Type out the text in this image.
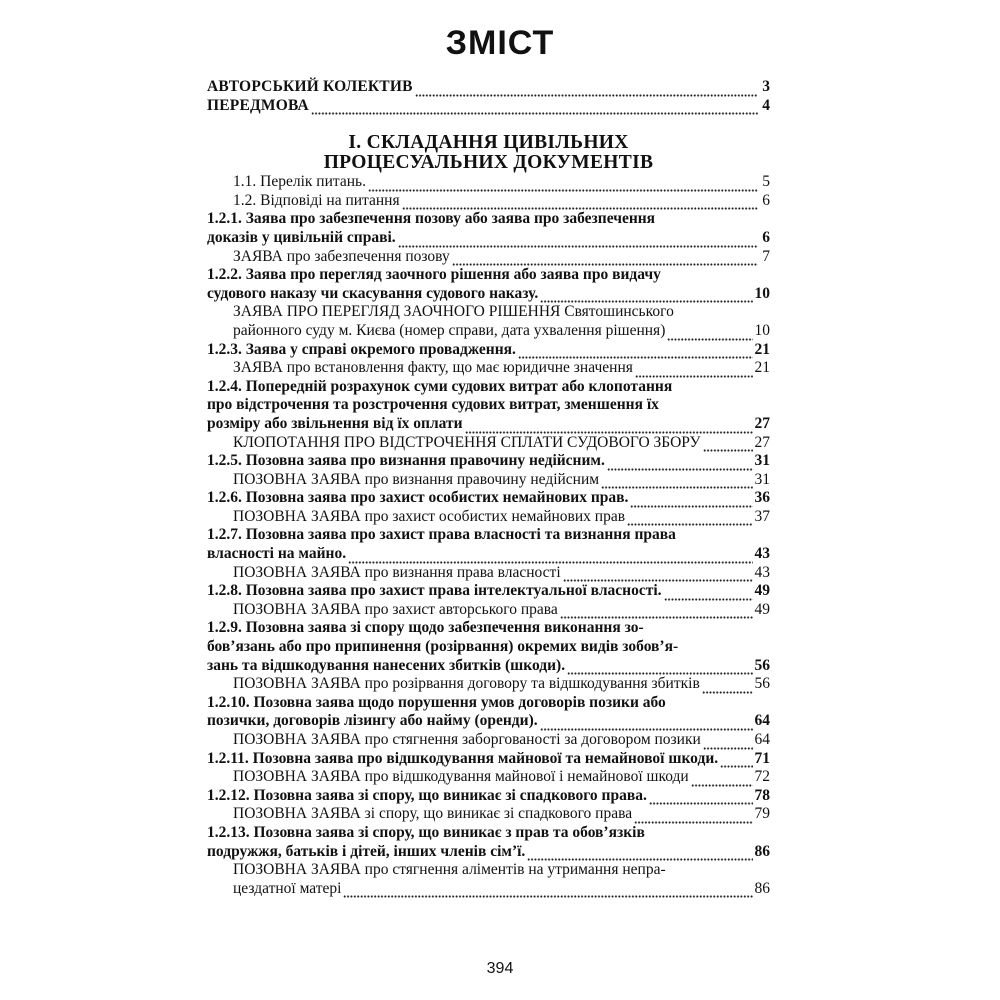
ЗМІСТ
АВТОРСЬКИЙ КОЛЕКТИВ	3
ПЕРЕДМОВА	4
І. СКЛАДАННЯ ЦИВІЛЬНИХ
ПРОЦЕСУАЛЬНИХ ДОКУМЕНТІВ
1.1. Перелік питань.	5
1.2. Відповіді на питання	6
1.2.1. Заява про забезпечення позову або заява про забезпечення
доказів у цивільній справі.	6
ЗАЯВА про забезпечення позову	7
1.2.2. Заява про перегляд заочного рішення або заява про видачу
судового наказу чи скасування судового наказу.	10
ЗАЯВА ПРО ПЕРЕГЛЯД ЗАОЧНОГО РІШЕННЯ Святошинського
районного суду м. Києва (номер справи, дата ухвалення рішення)	10
1.2.3. Заява у справі окремого провадження.	21
ЗАЯВА про встановлення факту, що має юридичне значення	21
1.2.4. Попередній розрахунок суми судових витрат або клопотання
про відстрочення та розстрочення судових витрат, зменшення їх
розміру або звільнення від їх оплати	27
КЛОПОТАННЯ ПРО ВІДСТРОЧЕННЯ СПЛАТИ СУДОВОГО ЗБОРУ	27
1.2.5. Позовна заява про визнання правочину недійсним.	31
ПОЗОВНА ЗАЯВА про визнання правочину недійсним	31
1.2.6. Позовна заява про захист особистих немайнових прав.	36
ПОЗОВНА ЗАЯВА про захист особистих немайнових прав	37
1.2.7. Позовна заява про захист права власності та визнання права
власності на майно.	43
ПОЗОВНА ЗАЯВА про визнання права власності	43
1.2.8. Позовна заява про захист права інтелектуальної власності.	49
ПОЗОВНА ЗАЯВА про захист авторського права	49
1.2.9. Позовна заява зі спору щодо забезпечення виконання зо-
бов’язань або про припинення (розірвання) окремих видів зобов’я-
зань та відшкодування нанесених збитків (шкоди).	56
ПОЗОВНА ЗАЯВА про розірвання договору та відшкодування збитків	56
1.2.10. Позовна заява щодо порушення умов договорів позики або
позички, договорів лізингу або найму (оренди).	64
ПОЗОВНА ЗАЯВА про стягнення заборгованості за договором позики	64
1.2.11. Позовна заява про відшкодування майнової та немайнової шкоди. 71
ПОЗОВНА ЗАЯВА про відшкодування майнової і немайнової шкоди	72
1.2.12. Позовна заява зі спору, що виникає зі спадкового права.	78
ПОЗОВНА ЗАЯВА зі спору, що виникає зі спадкового права	79
1.2.13. Позовна заява зі спору, що виникає з прав та обов’язків
подружжя, батьків і дітей, інших членів сім’ї.	86
ПОЗОВНА ЗАЯВА про стягнення аліментів на утримання непра-
цездатної матері	86
394
